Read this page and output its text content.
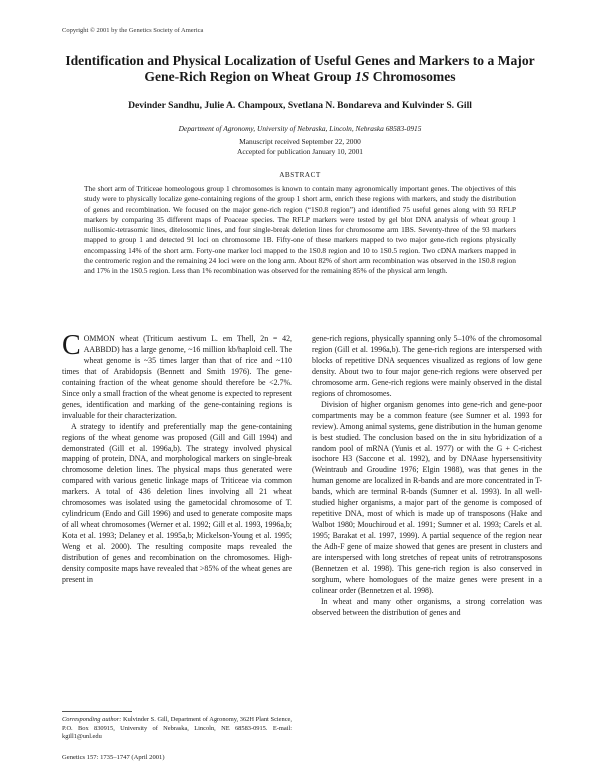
Copyright © 2001 by the Genetics Society of America
Identification and Physical Localization of Useful Genes and Markers to a Major
Gene-Rich Region on Wheat Group 1S Chromosomes
Devinder Sandhu, Julie A. Champoux, Svetlana N. Bondareva and Kulvinder S. Gill
Department of Agronomy, University of Nebraska, Lincoln, Nebraska 68583-0915
Manuscript received September 22, 2000
Accepted for publication January 10, 2001
ABSTRACT

The short arm of Triticeae homeologous group 1 chromosomes is known to contain many agronomically important genes. The objectives of this study were to physically localize gene-containing regions of the group 1 short arm, enrich these regions with markers, and study the distribution of genes and recombination. We focused on the major gene-rich region (“1S0.8 region”) and identified 75 useful genes along with 93 RFLP markers by comparing 35 different maps of Poaceae species. The RFLP markers were tested by gel blot DNA analysis of wheat group 1 nullisomic-tetrasomic lines, ditelosomic lines, and four single-break deletion lines for chromosome arm 1BS. Seventy-three of the 93 markers mapped to group 1 and detected 91 loci on chromosome 1B. Fifty-one of these markers mapped to two major gene-rich regions physically encompassing 14% of the short arm. Forty-one marker loci mapped to the 1S0.8 region and 10 to 1S0.5 region. Two cDNA markers mapped in the centromeric region and the remaining 24 loci were on the long arm. About 82% of short arm recombination was observed in the 1S0.8 region and 17% in the 1S0.5 region. Less than 1% recombination was observed for the remaining 85% of the physical arm length.

COMMON wheat (Triticum aestivum L. em Thell, 2n = 42, AABBDD) has a large genome, ~16 million kb/haploid cell. The wheat genome is ~35 times larger than that of rice and ~110 times that of Arabidopsis (Bennett and Smith 1976). The gene-containing fraction of the wheat genome should therefore be <2.7%. Since only a small fraction of the wheat genome is expected to represent genes, identification and marking of the gene-containing regions is invaluable for their characterization.

A strategy to identify and preferentially map the gene-containing regions of the wheat genome was proposed (Gill and Gill 1994) and demonstrated (Gill et al. 1996a,b). The strategy involved physical mapping of protein, DNA, and morphological markers on single-break chromosome deletion lines. The physical maps thus generated were compared with various genetic linkage maps of Triticeae via common markers. A total of 436 deletion lines involving all 21 wheat chromosomes was isolated using the gametocidal chromosome of T. cylindricum (Endo and Gill 1996) and used to generate composite maps of all wheat chromosomes (Werner et al. 1992; Gill et al. 1993, 1996a,b; Kota et al. 1993; Delaney et al. 1995a,b; Mickelson-Young et al. 1995; Weng et al. 2000). The resulting composite maps revealed the distribution of genes and recombination on the chromosomes. High-density composite maps have revealed that >85% of the wheat genes are present in

gene-rich regions, physically spanning only 5–10% of the chromosomal region (Gill et al. 1996a,b). The gene-rich regions are interspersed with blocks of repetitive DNA sequences visualized as regions of low gene density. About two to four major gene-rich regions were observed per chromosome arm. Gene-rich regions were mainly observed in the distal regions of chromosomes.

Division of higher organism genomes into gene-rich and gene-poor compartments may be a common feature (see Sumner et al. 1993 for review). Among animal systems, gene distribution in the human genome is best studied. The conclusion based on the in situ hybridization of a random pool of mRNA (Yunis et al. 1977) or with the G + C-richest isochore H3 (Saccone et al. 1992), and by DNAase hypersensitivity (Weintraub and Groudine 1976; Elgin 1988), was that genes in the human genome are localized in R-bands and are more concentrated in T-bands, which are terminal R-bands (Sumner et al. 1993). In all well-studied higher organisms, a major part of the genome is composed of repetitive DNA, most of which is made up of transposons (Hake and Walbot 1980; Mouchiroud et al. 1991; Sumner et al. 1993; Carels et al. 1995; Barakat et al. 1997, 1999). A partial sequence of the region near the Adh-F gene of maize showed that genes are present in clusters and are interspersed with long stretches of repeat units of retrotransposons (Bennetzen et al. 1998). This gene-rich region is also conserved in sorghum, where homologues of the maize genes were present in a colinear order (Bennetzen et al. 1998).

In wheat and many other organisms, a strong correlation was observed between the distribution of genes and

Corresponding author: Kulvinder S. Gill, Department of Agronomy, 362H Plant Science, P.O. Box 830915, University of Nebraska, Lincoln, NE 68583-0915. E-mail: kgill1@unl.edu

Genetics 157: 1735–1747 (April 2001)
